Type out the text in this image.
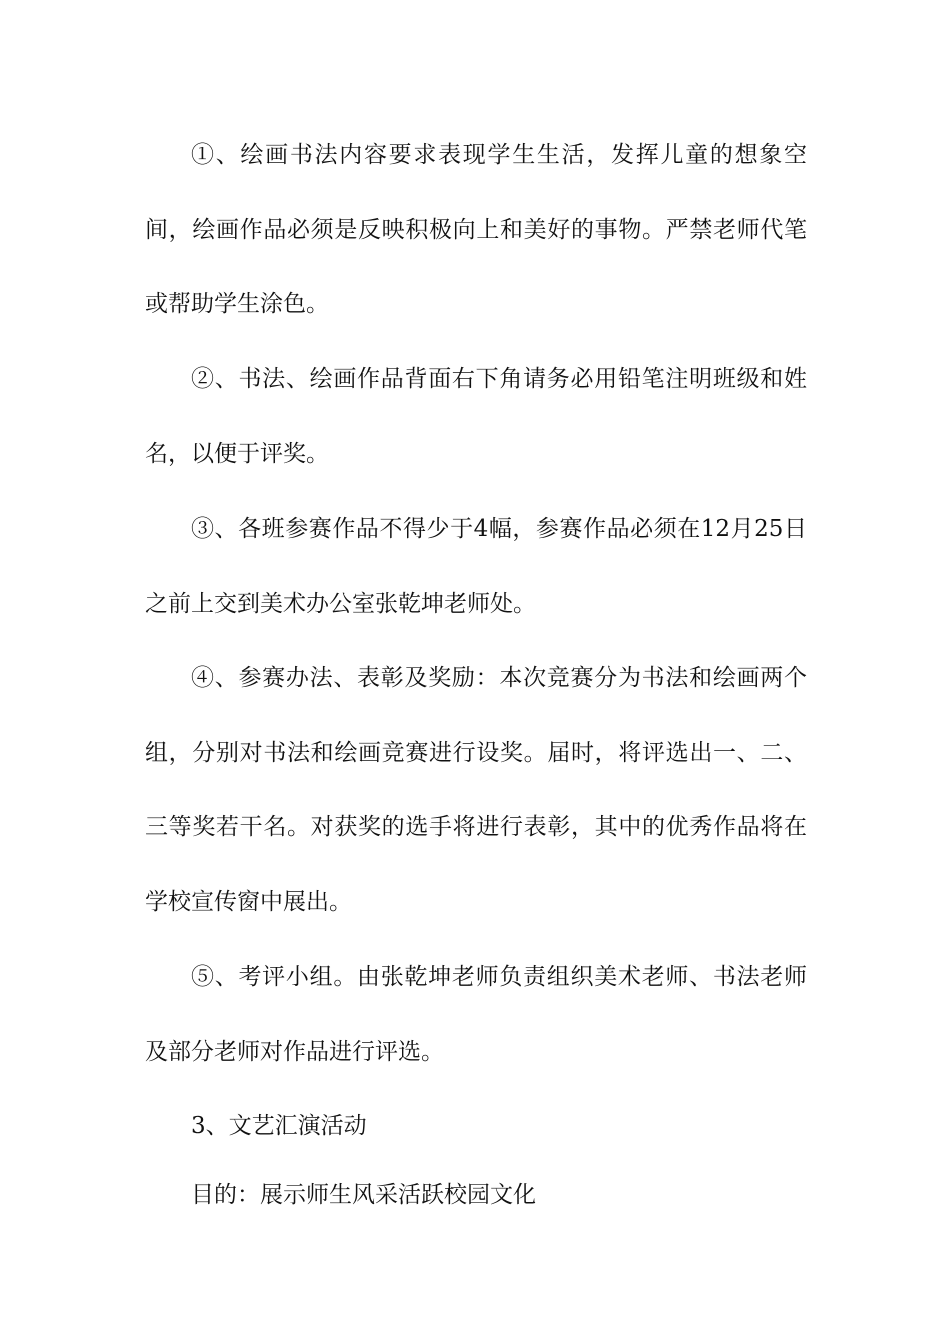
①、绘画书法内容要求表现学生生活，发挥儿童的想象空间，绘画作品必须是反映积极向上和美好的事物。严禁老师代笔或帮助学生涂色。

②、书法、绘画作品背面右下角请务必用铅笔注明班级和姓名，以便于评奖。

③、各班参赛作品不得少于4幅，参赛作品必须在12月25日之前上交到美术办公室张乾坤老师处。

④、参赛办法、表彰及奖励：本次竞赛分为书法和绘画两个组，分别对书法和绘画竞赛进行设奖。届时，将评选出一、二、三等奖若干名。对获奖的选手将进行表彰，其中的优秀作品将在学校宣传窗中展出。

⑤、考评小组。由张乾坤老师负责组织美术老师、书法老师及部分老师对作品进行评选。

3、文艺汇演活动

目的：展示师生风采活跃校园文化
